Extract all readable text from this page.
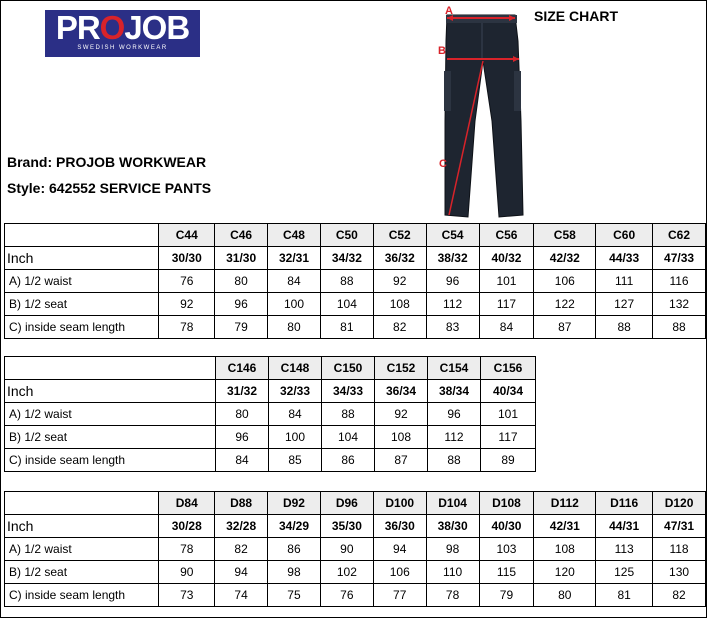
PROJOB
SWEDISH WORKWEAR
SIZE CHART
Brand: PROJOB WORKWEAR
Style: 642552 SERVICE PANTS
A
B
C
	C44	C46	C48	C50	C52	C54	C56	C58	C60	C62
Inch	30/30	31/30	32/31	34/32	36/32	38/32	40/32	42/32	44/33	47/33
A) 1/2 waist	76	80	84	88	92	96	101	106	111	116
B) 1/2 seat	92	96	100	104	108	112	117	122	127	132
C) inside seam length	78	79	80	81	82	83	84	87	88	88
	C146	C148	C150	C152	C154	C156
Inch	31/32	32/33	34/33	36/34	38/34	40/34
A) 1/2 waist	80	84	88	92	96	101
B) 1/2 seat	96	100	104	108	112	117
C) inside seam length	84	85	86	87	88	89
	D84	D88	D92	D96	D100	D104	D108	D112	D116	D120
Inch	30/28	32/28	34/29	35/30	36/30	38/30	40/30	42/31	44/31	47/31
A) 1/2 waist	78	82	86	90	94	98	103	108	113	118
B) 1/2 seat	90	94	98	102	106	110	115	120	125	130
C) inside seam length	73	74	75	76	77	78	79	80	81	82
